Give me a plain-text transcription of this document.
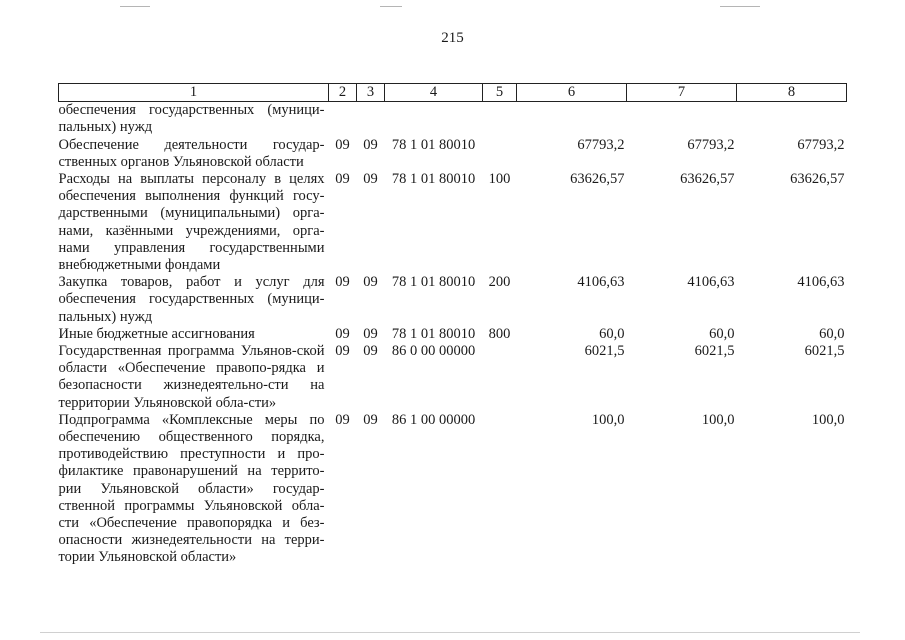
215
1	2	3	4	5	6	7	8
обеспечения государственных (муници-пальных) нужд							
Обеспечение деятельности государ-ственных органов Ульяновской области	09	09	78 1 01 80010		67793,2	67793,2	67793,2
Расходы на выплаты персоналу в целях обеспечения выполнения функций госу-дарственными (муниципальными) орга-нами, казёнными учреждениями, орга-нами управления государственными внебюджетными фондами	09	09	78 1 01 80010	100	63626,57	63626,57	63626,57
Закупка товаров, работ и услуг для обеспечения государственных (муници-пальных) нужд	09	09	78 1 01 80010	200	4106,63	4106,63	4106,63
Иные бюджетные ассигнования	09	09	78 1 01 80010	800	60,0	60,0	60,0
Государственная программа Ульянов-ской области «Обеспечение правопо-рядка и безопасности жизнедеятельно-сти на территории Ульяновской обла-сти»	09	09	86 0 00 00000		6021,5	6021,5	6021,5
Подпрограмма «Комплексные меры по обеспечению общественного порядка, противодействию преступности и про-филактике правонарушений на террито-рии Ульяновской области» государ-ственной программы Ульяновской обла-сти «Обеспечение правопорядка и без-опасности жизнедеятельности на терри-тории Ульяновской области»	09	09	86 1 00 00000		100,0	100,0	100,0
